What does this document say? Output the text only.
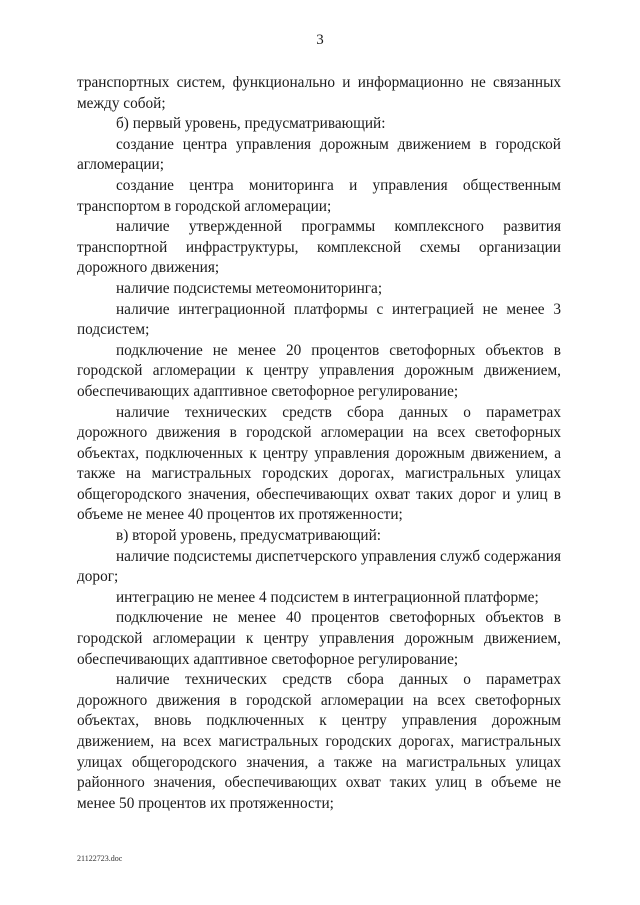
3

транспортных систем, функционально и информационно не связанных между собой;

б) первый уровень, предусматривающий:

создание центра управления дорожным движением в городской агломерации;

создание центра мониторинга и управления общественным транспортом в городской агломерации;

наличие утвержденной программы комплексного развития транспортной инфраструктуры, комплексной схемы организации дорожного движения;

наличие подсистемы метеомониторинга;

наличие интеграционной платформы с интеграцией не менее 3 подсистем;

подключение не менее 20 процентов светофорных объектов в городской агломерации к центру управления дорожным движением, обеспечивающих адаптивное светофорное регулирование;

наличие технических средств сбора данных о параметрах дорожного движения в городской агломерации на всех светофорных объектах, подключенных к центру управления дорожным движением, а также на магистральных городских дорогах, магистральных улицах общегородского значения, обеспечивающих охват таких дорог и улиц в объеме не менее 40 процентов их протяженности;

в) второй уровень, предусматривающий:

наличие подсистемы диспетчерского управления служб содержания дорог;

интеграцию не менее 4 подсистем в интеграционной платформе;

подключение не менее 40 процентов светофорных объектов в городской агломерации к центру управления дорожным движением, обеспечивающих адаптивное светофорное регулирование;

наличие технических средств сбора данных о параметрах дорожного движения в городской агломерации на всех светофорных объектах, вновь подключенных к центру управления дорожным движением, на всех магистральных городских дорогах, магистральных улицах общегородского значения, а также на магистральных улицах районного значения, обеспечивающих охват таких улиц в объеме не менее 50 процентов их протяженности;

21122723.doc
